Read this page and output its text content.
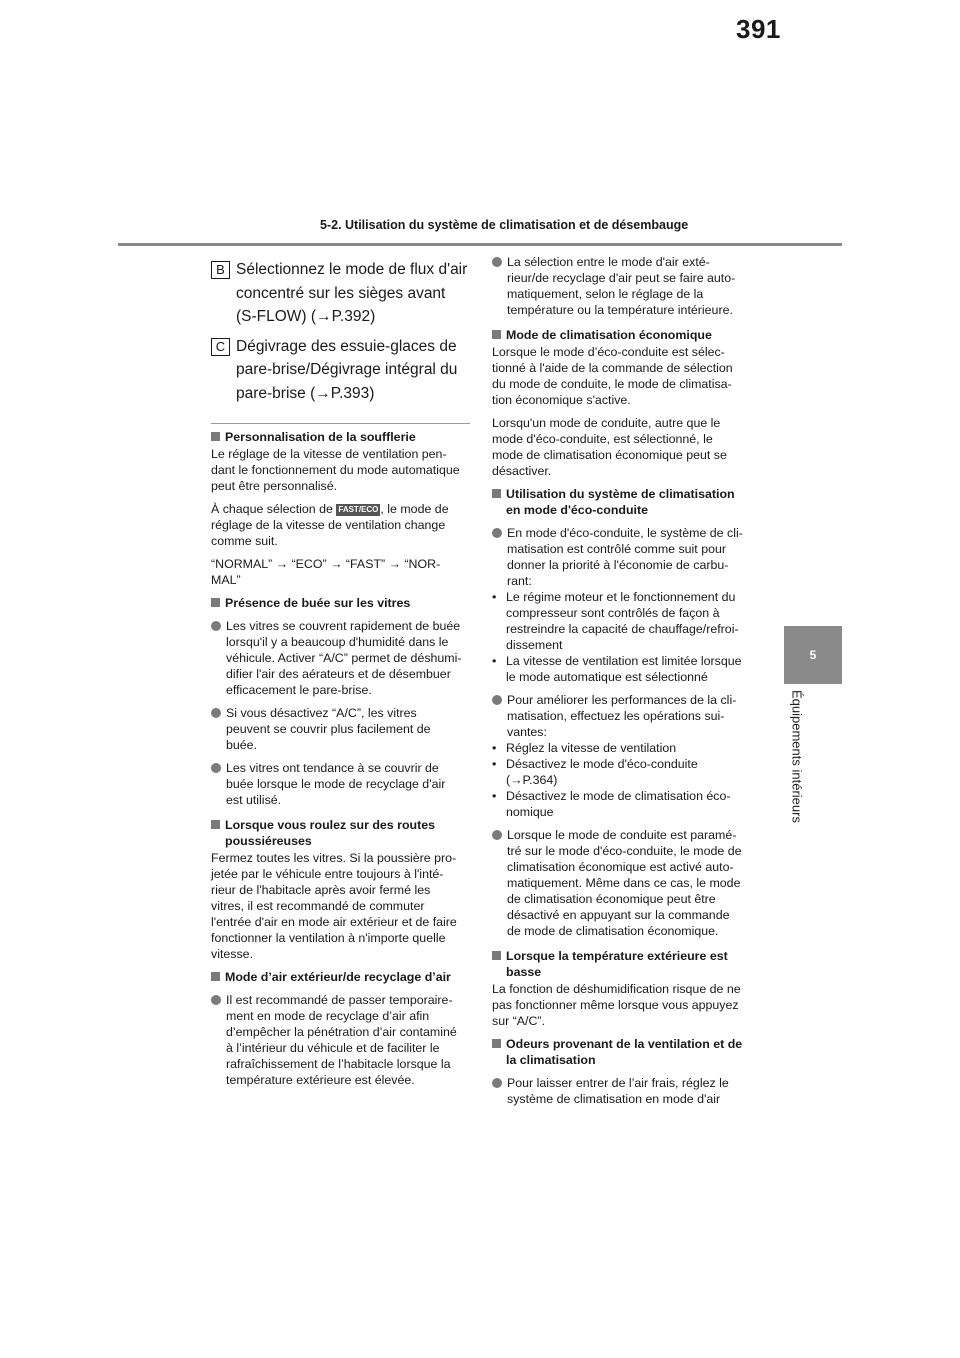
391
5-2. Utilisation du système de climatisation et de désembauge
5
Équipements intérieurs
B Sélectionnez le mode de flux d'air
concentré sur les sièges avant
(S-FLOW) (→P.392)
C Dégivrage des essuie-glaces de
pare-brise/Dégivrage intégral du
pare-brise (→P.393)
Personnalisation de la soufflerie
Le réglage de la vitesse de ventilation pen-
dant le fonctionnement du mode automatique
peut être personnalisé.
À chaque sélection de FAST/ECO , le mode de
réglage de la vitesse de ventilation change
comme suit.
“NORMAL” → “ECO” → “FAST” → “NOR-
MAL”
Présence de buée sur les vitres
Les vitres se couvrent rapidement de buée
lorsqu'il y a beaucoup d'humidité dans le
véhicule. Activer “A/C” permet de déshumi-
difier l'air des aérateurs et de désembuer
efficacement le pare-brise.
Si vous désactivez “A/C”, les vitres
peuvent se couvrir plus facilement de
buée.
Les vitres ont tendance à se couvrir de
buée lorsque le mode de recyclage d'air
est utilisé.
Lorsque vous roulez sur des routes
poussiéreuses
Fermez toutes les vitres. Si la poussière pro-
jetée par le véhicule entre toujours à l'inté-
rieur de l'habitacle après avoir fermé les
vitres, il est recommandé de commuter
l'entrée d'air en mode air extérieur et de faire
fonctionner la ventilation à n'importe quelle
vitesse.
Mode d’air extérieur/de recyclage d’air
Il est recommandé de passer temporaire-
ment en mode de recyclage d’air afin
d’empêcher la pénétration d’air contaminé
à l’intérieur du véhicule et de faciliter le
rafraîchissement de l’habitacle lorsque la
température extérieure est élevée.
La sélection entre le mode d'air exté-
rieur/de recyclage d'air peut se faire auto-
matiquement, selon le réglage de la
température ou la température intérieure.
Mode de climatisation économique
Lorsque le mode d’éco-conduite est sélec-
tionné à l'aide de la commande de sélection
du mode de conduite, le mode de climatisa-
tion économique s'active.
Lorsqu'un mode de conduite, autre que le
mode d'éco-conduite, est sélectionné, le
mode de climatisation économique peut se
désactiver.
Utilisation du système de climatisation
en mode d'éco-conduite
En mode d'éco-conduite, le système de cli-
matisation est contrôlé comme suit pour
donner la priorité à l'économie de carbu-
rant:
• Le régime moteur et le fonctionnement du
compresseur sont contrôlés de façon à
restreindre la capacité de chauffage/refroi-
dissement
• La vitesse de ventilation est limitée lorsque
le mode automatique est sélectionné
Pour améliorer les performances de la cli-
matisation, effectuez les opérations sui-
vantes:
• Réglez la vitesse de ventilation
• Désactivez le mode d'éco-conduite
(→P.364)
• Désactivez le mode de climatisation éco-
nomique
Lorsque le mode de conduite est paramé-
tré sur le mode d'éco-conduite, le mode de
climatisation économique est activé auto-
matiquement. Même dans ce cas, le mode
de climatisation économique peut être
désactivé en appuyant sur la commande
de mode de climatisation économique.
Lorsque la température extérieure est
basse
La fonction de déshumidification risque de ne
pas fonctionner même lorsque vous appuyez
sur “A/C”.
Odeurs provenant de la ventilation et de
la climatisation
Pour laisser entrer de l’air frais, réglez le
système de climatisation en mode d'air
